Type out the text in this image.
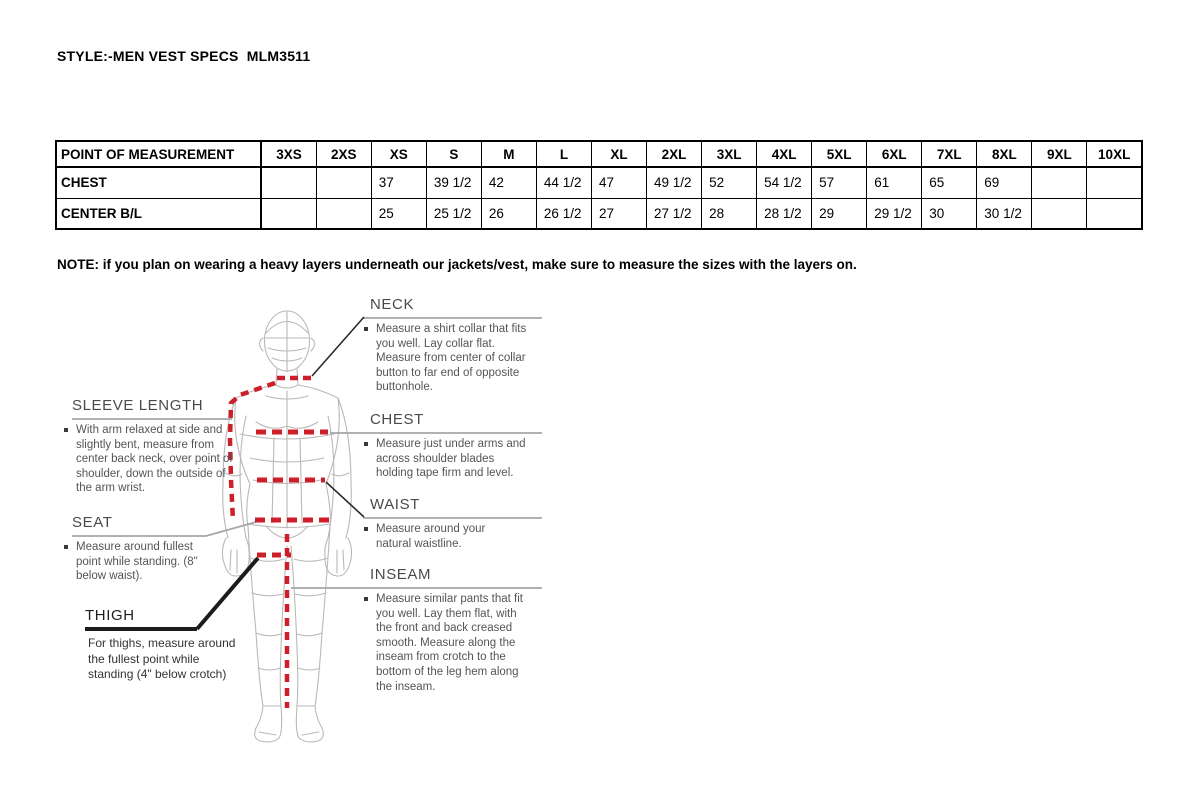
STYLE:-MEN VEST SPECS  MLM3511
POINT OF MEASUREMENT	3XS	2XS	XS	S	M	L	XL	2XL	3XL	4XL	5XL	6XL	7XL	8XL	9XL	10XL
CHEST			37	39 1/2	42	44 1/2	47	49 1/2	52	54 1/2	57	61	65	69		
CENTER B/L			25	25 1/2	26	26 1/2	27	27 1/2	28	28 1/2	29	29 1/2	30	30 1/2		
NOTE: if you plan on wearing a heavy layers underneath our jackets/vest, make sure to measure the sizes with the layers on.
NECK

Measure a shirt collar that fits you well. Lay collar flat. Measure from center of collar button to far end of opposite buttonhole.

CHEST

Measure just under arms and across shoulder blades holding tape firm and level.

WAIST

Measure around your natural waistline.

INSEAM

Measure similar pants that fit you well. Lay them flat, with the front and back creased smooth. Measure along the inseam from crotch to the bottom of the leg hem along the inseam.

SLEEVE LENGTH

With arm relaxed at side and slightly bent, measure from center back neck, over point of shoulder, down the outside of the arm wrist.

SEAT

Measure around fullest point while standing. (8" below waist).

THIGH

For thighs, measure around the fullest point while standing (4" below crotch)
